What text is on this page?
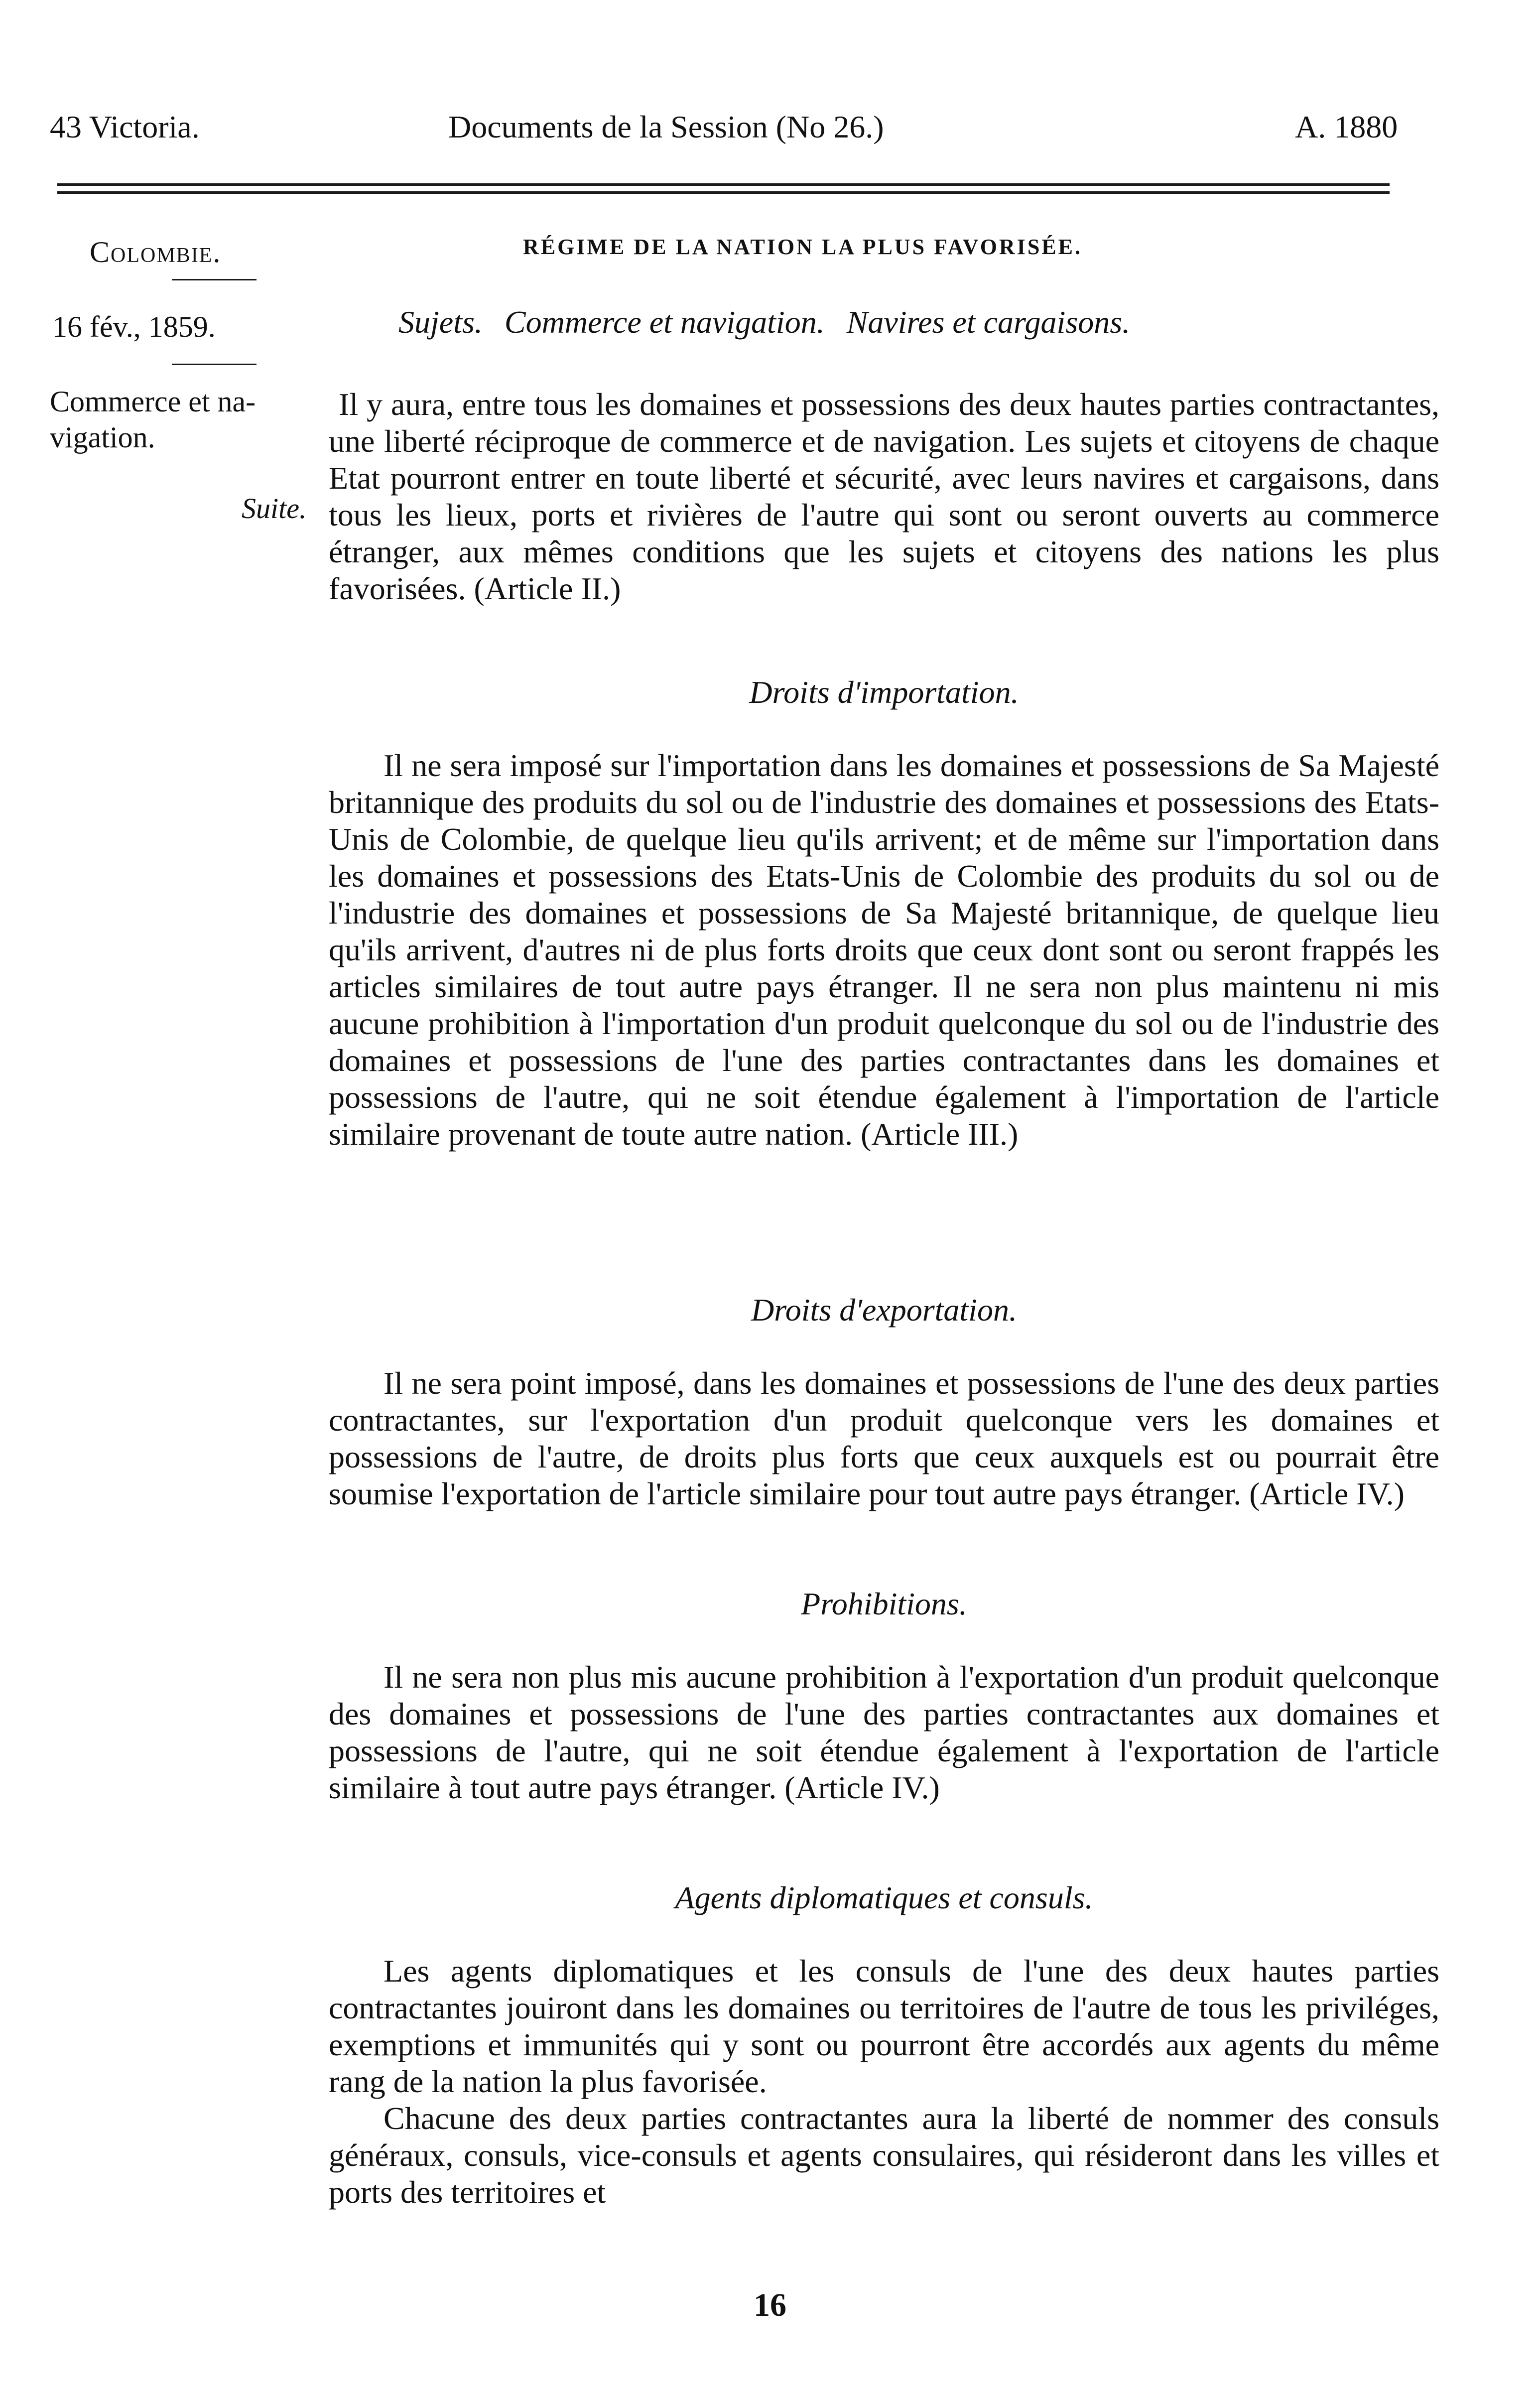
43 Victoria.	Documents de la Session (No 26.)	A. 1880
Colombie.
16 fév., 1859.
Commerce et na-
vigation.
Suite.
RÉGIME DE LA NATION LA PLUS FAVORISÉE.
Sujets. Commerce et navigation. Navires et cargaisons.

Il y aura, entre tous les domaines et possessions des deux hautes parties contractantes, une liberté réciproque de commerce et de navigation. Les sujets et citoyens de chaque Etat pourront entrer en toute liberté et sécurité, avec leurs navires et cargaisons, dans tous les lieux, ports et rivières de l'autre qui sont ou seront ouverts au commerce étranger, aux mêmes conditions que les sujets et citoyens des nations les plus favorisées. (Article II.)

Droits d'importation.

Il ne sera imposé sur l'importation dans les domaines et possessions de Sa Majesté britannique des produits du sol ou de l'industrie des domaines et possessions des Etats-Unis de Colombie, de quelque lieu qu'ils arrivent; et de même sur l'importation dans les domaines et possessions des Etats-Unis de Colombie des produits du sol ou de l'industrie des domaines et possessions de Sa Majesté britannique, de quelque lieu qu'ils arrivent, d'autres ni de plus forts droits que ceux dont sont ou seront frappés les articles similaires de tout autre pays étranger. Il ne sera non plus maintenu ni mis aucune prohibition à l'importation d'un produit quelconque du sol ou de l'industrie des domaines et possessions de l'une des parties contractantes dans les domaines et possessions de l'autre, qui ne soit étendue également à l'importation de l'article similaire provenant de toute autre nation. (Article III.)

Droits d'exportation.

Il ne sera point imposé, dans les domaines et possessions de l'une des deux parties contractantes, sur l'exportation d'un produit quelconque vers les domaines et possessions de l'autre, de droits plus forts que ceux auxquels est ou pourrait être soumise l'exportation de l'article similaire pour tout autre pays étranger. (Article IV.)

Prohibitions.

Il ne sera non plus mis aucune prohibition à l'exportation d'un produit quelconque des domaines et possessions de l'une des parties contractantes aux domaines et possessions de l'autre, qui ne soit étendue également à l'exportation de l'article similaire à tout autre pays étranger. (Article IV.)

Agents diplomatiques et consuls.

Les agents diplomatiques et les consuls de l'une des deux hautes parties contractantes jouiront dans les domaines ou territoires de l'autre de tous les priviléges, exemptions et immunités qui y sont ou pourront être accordés aux agents du même rang de la nation la plus favorisée.

Chacune des deux parties contractantes aura la liberté de nommer des consuls généraux, consuls, vice-consuls et agents consulaires, qui résideront dans les villes et ports des territoires et

16
